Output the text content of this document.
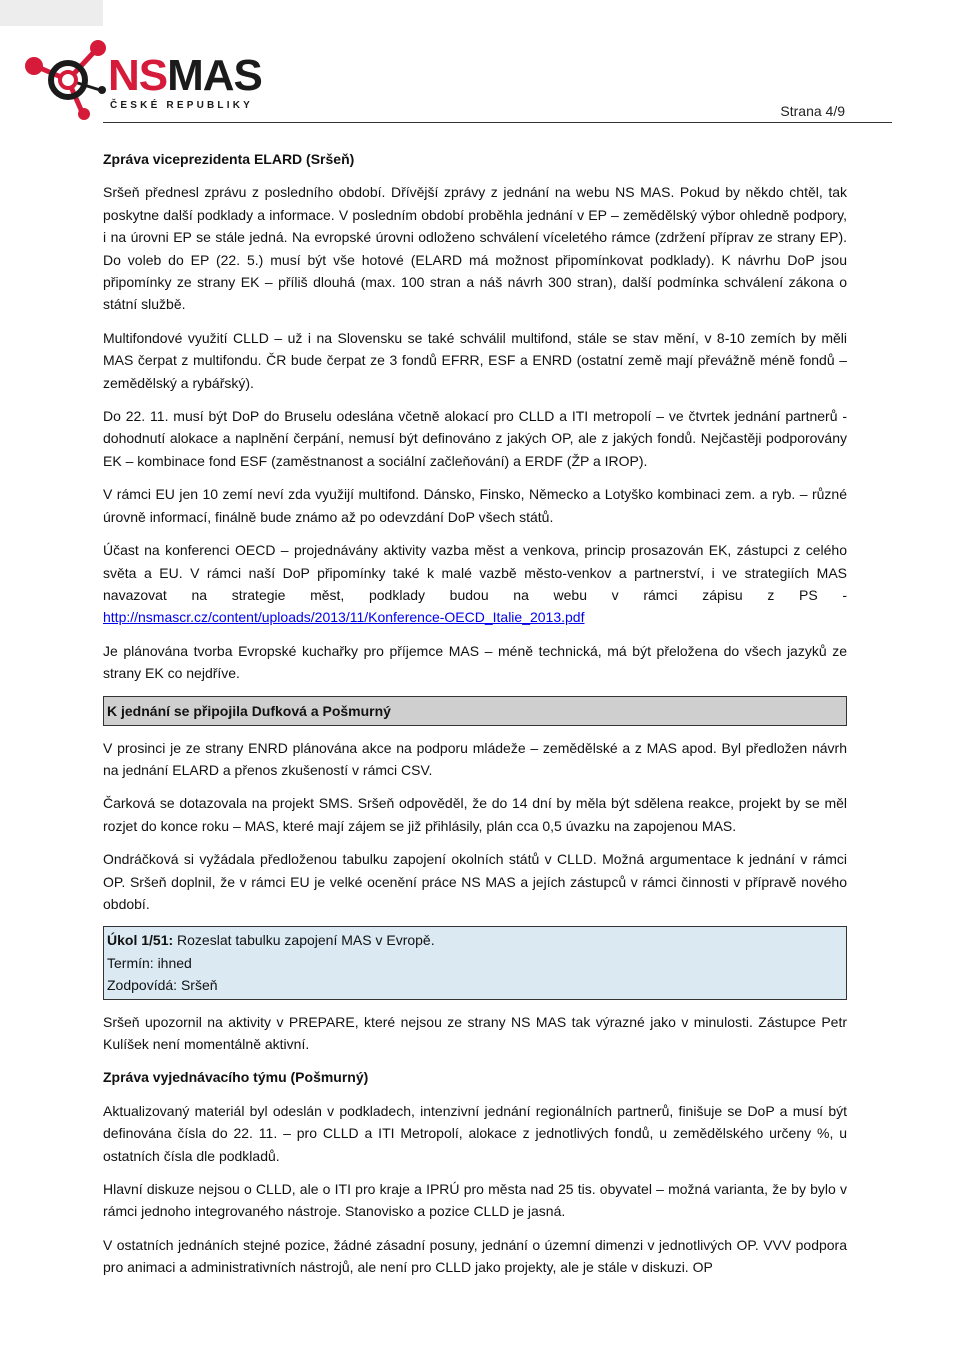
NSMAS
ČESKÉ REPUBLIKY	Strana 4/9

Zpráva viceprezidenta ELARD (Sršeň)

Sršeň přednesl zprávu z posledního období. Dřívější zprávy z jednání na webu NS MAS. Pokud by někdo chtěl, tak poskytne další podklady a informace. V posledním období proběhla jednání v EP – zemědělský výbor ohledně podpory, i na úrovni EP se stále jedná. Na evropské úrovni odloženo schválení víceletého rámce (zdržení příprav ze strany EP). Do voleb do EP (22. 5.) musí být vše hotové (ELARD má možnost připomínkovat podklady). K návrhu DoP jsou připomínky ze strany EK – příliš dlouhá (max. 100 stran a náš návrh 300 stran), další podmínka schválení zákona o státní službě.

Multifondové využití CLLD – už i na Slovensku se také schválil multifond, stále se stav mění, v 8-10 zemích by měli MAS čerpat z multifondu. ČR bude čerpat ze 3 fondů EFRR, ESF a ENRD (ostatní země mají převážně méně fondů – zemědělský a rybářský).

Do 22. 11. musí být DoP do Bruselu odeslána včetně alokací pro CLLD a ITI metropolí – ve čtvrtek jednání partnerů - dohodnutí alokace a naplnění čerpání, nemusí být definováno z jakých OP, ale z jakých fondů. Nejčastěji podporovány EK – kombinace fond ESF (zaměstnanost a sociální začleňování) a ERDF (ŽP a IROP).

V rámci EU jen 10 zemí neví zda využijí multifond. Dánsko, Finsko, Německo a Lotyško kombinaci zem. a ryb. – různé úrovně informací, finálně bude známo až po odevzdání DoP všech států.

Účast na konferenci OECD – projednávány aktivity vazba měst a venkova, princip prosazován EK, zástupci z celého světa a EU. V rámci naší DoP připomínky také k malé vazbě město-venkov a partnerství, i ve strategiích MAS navazovat na strategie měst, podklady budou na webu v rámci zápisu z PS - http://nsmascr.cz/content/uploads/2013/11/Konference-OECD_Italie_2013.pdf

Je plánována tvorba Evropské kuchařky pro příjemce MAS – méně technická, má být přeložena do všech jazyků ze strany EK co nejdříve.

K jednání se připojila Dufková a Pošmurný

V prosinci je ze strany ENRD plánována akce na podporu mládeže – zemědělské a z MAS apod. Byl předložen návrh na jednání ELARD a přenos zkušeností v rámci CSV.

Čarková se dotazovala na projekt SMS. Sršeň odpověděl, že do 14 dní by měla být sdělena reakce, projekt by se měl rozjet do konce roku – MAS, které mají zájem se již přihlásily, plán cca 0,5 úvazku na zapojenou MAS.

Ondráčková si vyžádala předloženou tabulku zapojení okolních států v CLLD. Možná argumentace k jednání v rámci OP. Sršeň doplnil, že v rámci EU je velké ocenění práce NS MAS a jejích zástupců v rámci činnosti v přípravě nového období.

Úkol 1/51: Rozeslat tabulku zapojení MAS v Evropě.
Termín: ihned
Zodpovídá: Sršeň

Sršeň upozornil na aktivity v PREPARE, které nejsou ze strany NS MAS tak výrazné jako v minulosti. Zástupce Petr Kulíšek není momentálně aktivní.

Zpráva vyjednávacího týmu (Pošmurný)

Aktualizovaný materiál byl odeslán v podkladech, intenzivní jednání regionálních partnerů, finišuje se DoP a musí být definována čísla do 22. 11. – pro CLLD a ITI Metropolí, alokace z jednotlivých fondů, u zemědělského určeny %, u ostatních čísla dle podkladů.

Hlavní diskuze nejsou o CLLD, ale o ITI pro kraje a IPRÚ pro města nad 25 tis. obyvatel – možná varianta, že by bylo v rámci jednoho integrovaného nástroje. Stanovisko a pozice CLLD je jasná.

V ostatních jednáních stejné pozice, žádné zásadní posuny, jednání o územní dimenzi v jednotlivých OP. VVV podpora pro animaci a administrativních nástrojů, ale není pro CLLD jako projekty, ale je stále v diskuzi. OP
